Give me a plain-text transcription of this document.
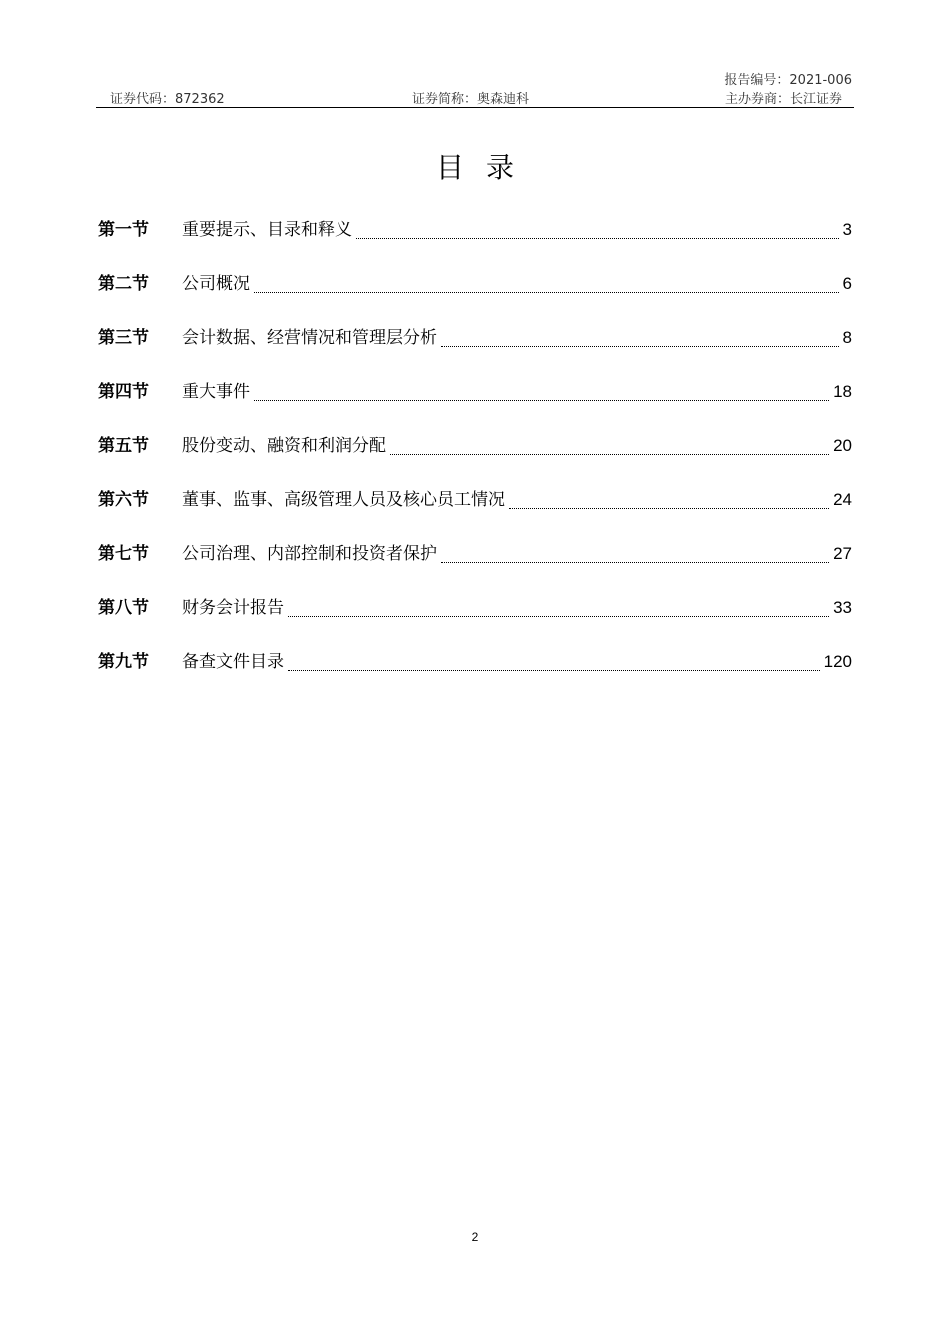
报告编号：2021-006
证券代码：872362	证券简称：奥森迪科	主办券商：长江证券
目录
第一节	重要提示、目录和释义	3
第二节	公司概况	6
第三节	会计数据、经营情况和管理层分析	8
第四节	重大事件	18
第五节	股份变动、融资和利润分配	20
第六节	董事、监事、高级管理人员及核心员工情况	24
第七节	公司治理、内部控制和投资者保护	27
第八节	财务会计报告	33
第九节	备查文件目录	120
2
